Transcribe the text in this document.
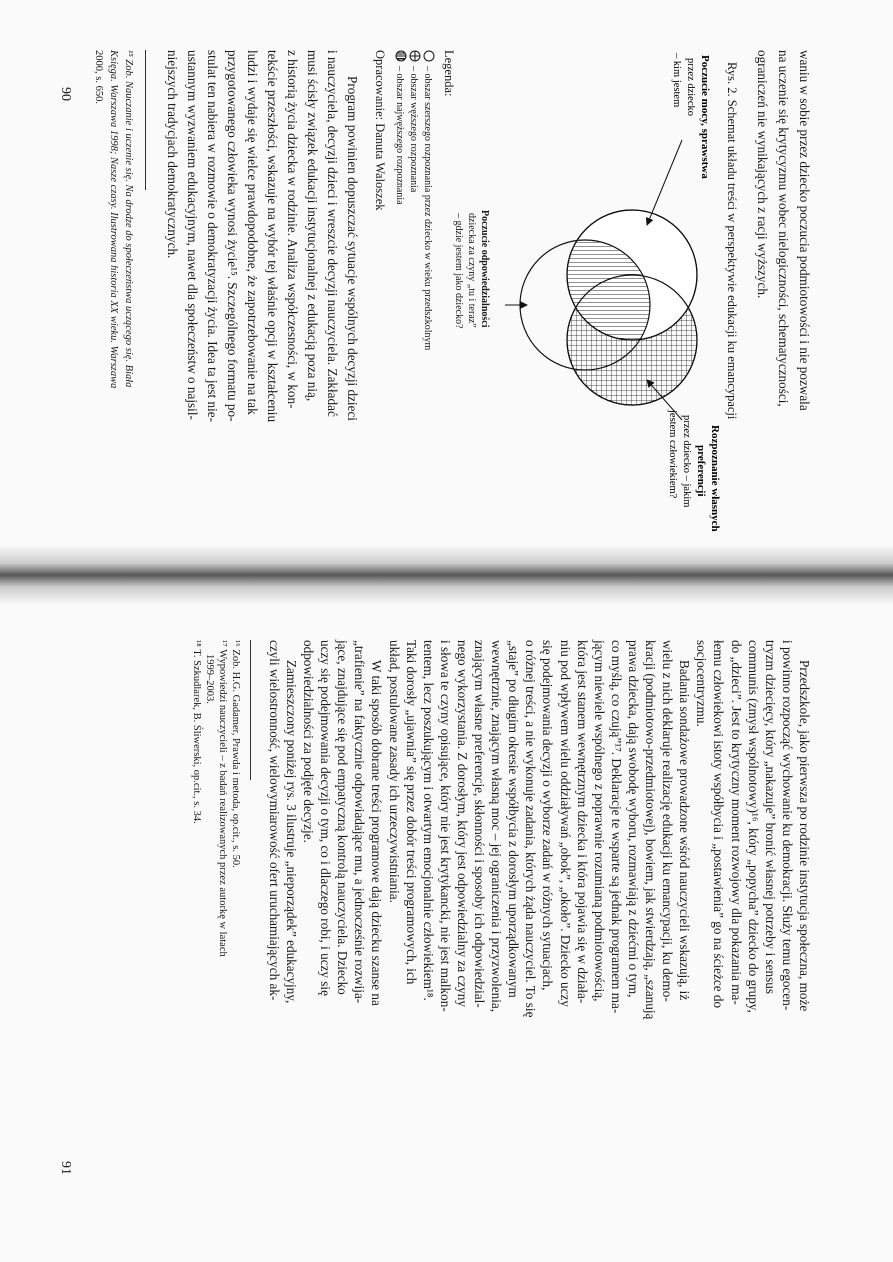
waniu w sobie przez dziecko poczucia podmiotowości i nie pozwala
na uczenie się krytycyzmu wobec nielogiczności, schematyczności,
ograniczeń nie wynikających z racji wyższych.
Rys. 2. Schemat układu treści w perspektywie edukacji ku emancypacji
Poczucie mocy, sprawstwa
przez dziecko
– kim jestem
Rozpoznanie własnych
preferencji
przez dziecko – jakim
jestem człowiekiem?
Poczucie odpowiedzialności
dziecka za czyny „tu i teraz”
– gdzie jestem jako dziecko?
Legenda:
– obszar szerszego rozpoznania przez dziecko w wieku przedszkolnym
– obszar węższego rozpoznania
– obszar najwęższego rozpoznania
Opracowanie: Danuta Waloszek
Program powinien dopuszczać sytuacje wspólnych decyzji dzieci
i nauczyciela, decyzji dzieci i wreszcie decyzji nauczyciela. Zakładać
musi ścisły związek edukacji instytucjonalnej z edukacją poza nią,
z historią życia dziecka w rodzinie. Analiza współczesności, w kon-
tekście przeszłości, wskazuje na wybór tej właśnie opcji w kształceniu
ludzi i wydaje się wielce prawdopodobne, że zapotrzebowanie na tak
przygotowanego człowieka wynosi życie¹⁵. Szczególnego formatu po-
stulat ten nabiera w rozmowie o demokratyzacji życia. Idea ta jest nie-
ustannym wyzwaniem edukacyjnym, nawet dla społeczeństw o najsil-
niejszych tradycjach demokratycznych.
¹⁵ Zob. Nauczanie i uczenie się. Na drodze do społeczeństwa uczącego się. Biała
Księga. Warszawa 1998; Nasze czasy. Ilustrowana historia XX wieku. Warszawa
2000, s. 650.
90
Przedszkole, jako pierwsza po rodzinie instytucja społeczna, może
i powinno rozpocząć wychowanie ku demokracji. Służy temu egocen-
tryzm dziecięcy, który „nakazuje” bronić własnej potrzeby i sensus
communis (zmysł wspólnotowy)¹⁶, który „popycha” dziecko do grupy,
do „dzieci”. Jest to krytyczny moment rozwojowy dla pokazania ma-
łemu człowiekowi istoty współbycia i „postawienia” go na ścieżce do
socjocentryzmu.
Badania sondażowe prowadzone wśród nauczycieli wskazują, iż
wielu z nich deklaruje realizację edukacji ku emancypacji, ku demo-
kracji (podmiotowo-przedmiotowej), bowiem, jak stwierdzają, „szanują
prawa dziecka, dają swobodę wyboru, rozmawiają z dziećmi o tym,
co myślą, co czują”¹⁷. Deklaracje te wsparte są jednak programem ma-
jącym niewiele wspólnego z poprawnie rozumianą podmiotowością,
która jest stanem wewnętrznym dziecka i która pojawia się w działa-
niu pod wpływem wielu oddziaływań „obok”, „około”. Dziecko uczy
się podejmowania decyzji o wyborze zadań w różnych sytuacjach,
o różnej treści, a nie wykonuje zadania, których żąda nauczyciel. To się
„staje” po długim okresie współbycia z dorosłym uporządkowanym
wewnętrznie, znającym własną moc – jej ograniczenia i przyzwolenia,
znającym własne preferencje, skłonności i sposoby ich odpowiedzial-
nego wykorzystania. Z dorosłym, który jest odpowiedzialny za czyny
i słowa te czyny opisujące, który nie jest krytykancki, nie jest malkon-
tentem, lecz poszukującym i otwartym emocjonalnie człowiekiem¹⁸.
Taki dorosły „ujawnia” się przez dobór treści programowych, ich
układ, postulowane zasady ich urzeczywistniania.
W taki sposób dobrane treści programowe dają dziecku szanse na
„trafienie” na faktycznie odpowiadające mu, a jednocześnie rozwija-
jące, znajdujące się pod empatyczną kontrolą nauczyciela. Dziecko
uczy się podejmowania decyzji o tym, co i dlaczego robi, i uczy się
odpowiedzialności za podjęte decyzje.
Zamieszczony poniżej rys. 3 ilustruje „nieporządek” edukacyjny,
czyli wielostronność, wielowymiarowość ofert uruchamiających ak-
¹⁶ Zob. H.G. Gadamer, Prawda i metoda, op.cit., s. 50.
¹⁷ Wypowiedzi nauczycieli – z badań realizowanych przez autorkę w latach
1999–2003.
¹⁸ T. Szkudlarek, B. Śliwerski, op.cit., s. 34.
91
